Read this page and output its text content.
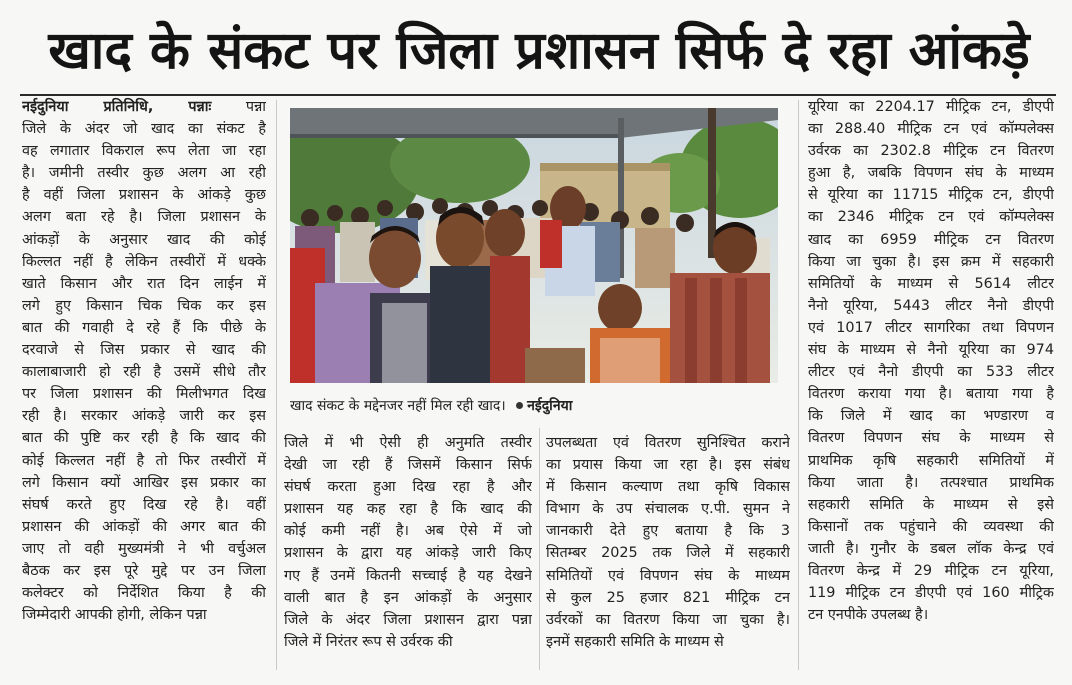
खाद के संकट पर जिला प्रशासन सिर्फ दे रहा आंकड़े
नईदुनिया प्रतिनिधि, पन्नाः पन्ना
जिले के अंदर जो खाद का संकट है
वह लगातार विकराल रूप लेता जा रहा
है। जमीनी तस्वीर कुछ अलग आ रही
है वहीं जिला प्रशासन के आंकड़े कुछ
अलग बता रहे है। जिला प्रशासन के
आंकड़ों के अनुसार खाद की कोई
किल्लत नहीं है लेकिन तस्वीरों में धक्के
खाते किसान और रात दिन लाईन में
लगे हुए किसान चिक चिक कर इस
बात की गवाही दे रहे हैं कि पीछे के
दरवाजे से जिस प्रकार से खाद की
कालाबाजारी हो रही है उसमें सीधे तौर
पर जिला प्रशासन की मिलीभगत दिख
रही है। सरकार आंकड़े जारी कर इस
बात की पुष्टि कर रही है कि खाद की
कोई किल्लत नहीं है तो फिर तस्वीरों में
लगे किसान क्यों आखिर इस प्रकार का
संघर्ष करते हुए दिख रहे है। वहीं
प्रशासन की आंकड़ों की अगर बात की
जाए तो वही मुख्यमंत्री ने भी वर्चुअल
बैठक कर इस पूरे मुद्दे पर उन जिला
कलेक्टर को निर्देशित किया है की
जिम्मेदारी आपकी होगी, लेकिन पन्ना
खाद संकट के मद्देनजर नहीं मिल रही खाद। नईदुनिया
जिले में भी ऐसी ही अनुमति तस्वीर
देखी जा रही हैं जिसमें किसान सिर्फ
संघर्ष करता हुआ दिख रहा है और
प्रशासन यह कह रहा है कि खाद की
कोई कमी नहीं है। अब ऐसे में जो
प्रशासन के द्वारा यह आंकड़े जारी किए
गए हैं उनमें कितनी सच्चाई है यह देखने
वाली बात है इन आंकड़ों के अनुसार
जिले के अंदर जिला प्रशासन द्वारा पन्ना
जिले में निरंतर रूप से उर्वरक की
उपलब्धता एवं वितरण सुनिश्चित कराने
का प्रयास किया जा रहा है। इस संबंध
में किसान कल्याण तथा कृषि विकास
विभाग के उप संचालक ए.पी. सुमन ने
जानकारी देते हुए बताया है कि 3
सितम्बर 2025 तक जिले में सहकारी
समितियों एवं विपणन संघ के माध्यम
से कुल 25 हजार 821 मीट्रिक टन
उर्वरकों का वितरण किया जा चुका है।
इनमें सहकारी समिति के माध्यम से
यूरिया का 2204.17 मीट्रिक टन, डीएपी
का 288.40 मीट्रिक टन एवं कॉम्पलेक्स
उर्वरक का 2302.8 मीट्रिक टन वितरण
हुआ है, जबकि विपणन संघ के माध्यम
से यूरिया का 11715 मीट्रिक टन, डीएपी
का 2346 मीट्रिक टन एवं कॉम्पलेक्स
खाद का 6959 मीट्रिक टन वितरण
किया जा चुका है। इस क्रम में सहकारी
समितियों के माध्यम से 5614 लीटर
नैनो यूरिया, 5443 लीटर नैनो डीएपी
एवं 1017 लीटर सागरिका तथा विपणन
संघ के माध्यम से नैनो यूरिया का 974
लीटर एवं नैनो डीएपी का 533 लीटर
वितरण कराया गया है। बताया गया है
कि जिले में खाद का भण्डारण व
वितरण विपणन संघ के माध्यम से
प्राथमिक कृषि सहकारी समितियों में
किया जाता है। तत्पश्चात प्राथमिक
सहकारी समिति के माध्यम से इसे
किसानों तक पहुंचाने की व्यवस्था की
जाती है। गुनौर के डबल लॉक केन्द्र एवं
वितरण केन्द्र में 29 मीट्रिक टन यूरिया,
119 मीट्रिक टन डीएपी एवं 160 मीट्रिक
टन एनपीके उपलब्ध है।
